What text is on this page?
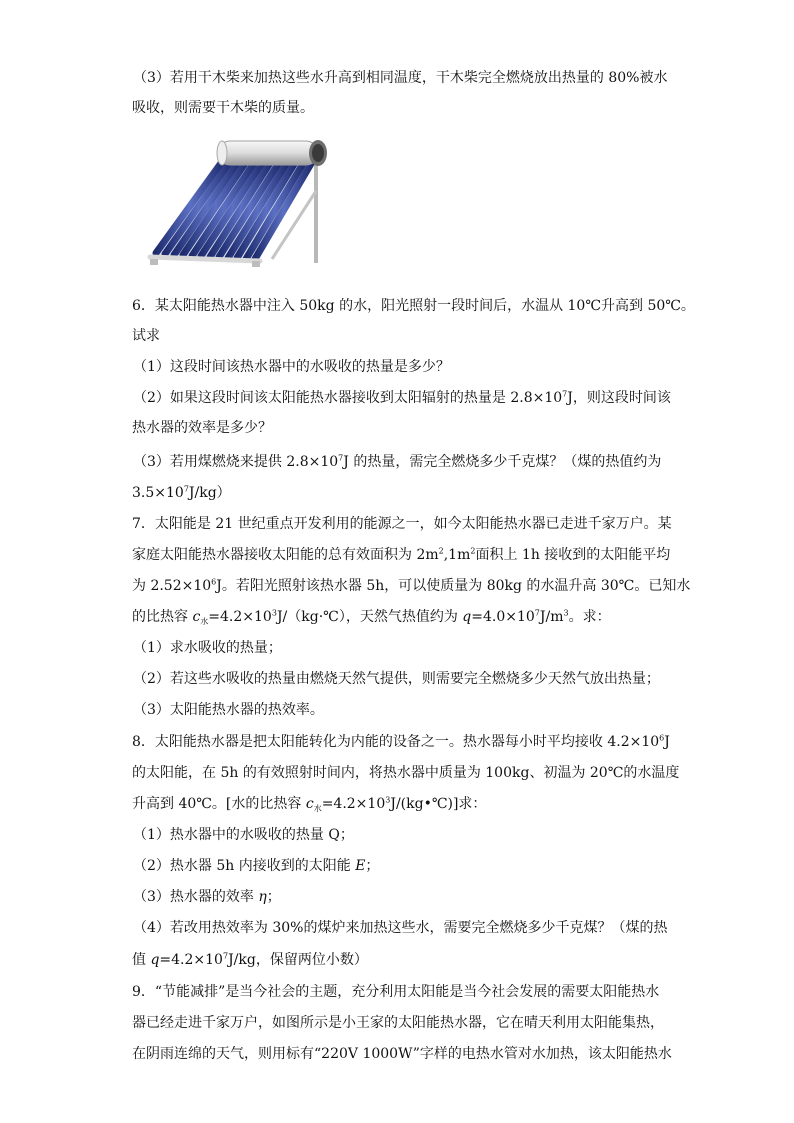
（3）若用干木柴来加热这些水升高到相同温度，干木柴完全燃烧放出热量的 80%被水

吸收，则需要干木柴的质量。

6．某太阳能热水器中注入 50kg 的水，阳光照射一段时间后，水温从 10℃升高到 50℃。

试求

（1）这段时间该热水器中的水吸收的热量是多少？

（2）如果这段时间该太阳能热水器接收到太阳辐射的热量是 $2.8\times 10^7J$，则这段时间该

热水器的效率是多少？

（3）若用煤燃烧来提供 $2.8\times 10^7J$ 的热量，需完全燃烧多少千克煤？（煤的热值约为

$3.5\times 10^7J/kg$）

7．太阳能是 21 世纪重点开发利用的能源之一，如今太阳能热水器已走进千家万户。某

家庭太阳能热水器接收太阳能的总有效面积为 $2m^2,1m^2$面积上 1h 接收到的太阳能平均

为 $2.52\times 10^6J$。若阳光照射该热水器 5h，可以使质量为 80kg 的水温升高 30℃。已知水

的比热容 $c_水=4.2\times 10^3J/(kg\cdot℃)$，天然气热值约为 $q=4.0\times 10^7J/m^3$。求：

（1）求水吸收的热量；

（2）若这些水吸收的热量由燃烧天然气提供，则需要完全燃烧多少天然气放出热量；

（3）太阳能热水器的热效率。

8．太阳能热水器是把太阳能转化为内能的设备之一。热水器每小时平均接收 $4.2\times 10^6J$

的太阳能，在 5h 的有效照射时间内，将热水器中质量为 100kg、初温为 20℃的水温度

升高到 40℃。[水的比热容 $c_水=4.2\times 10^3J/(kg•℃)$]求：

（1）热水器中的水吸收的热量 Q；

（2）热水器 5h 内接收到的太阳能 E；

（3）热水器的效率 η；

（4）若改用热效率为 30%的煤炉来加热这些水，需要完全燃烧多少千克煤？（煤的热

值 $q=4.2\times 10^7J/kg$，保留两位小数）

9．“节能减排”是当今社会的主题，充分利用太阳能是当今社会发展的需要太阳能热水

器已经走进千家万户，如图所示是小王家的太阳能热水器，它在晴天利用太阳能集热，

在阴雨连绵的天气，则用标有“220V 1000W”字样的电热水管对水加热，该太阳能热水
